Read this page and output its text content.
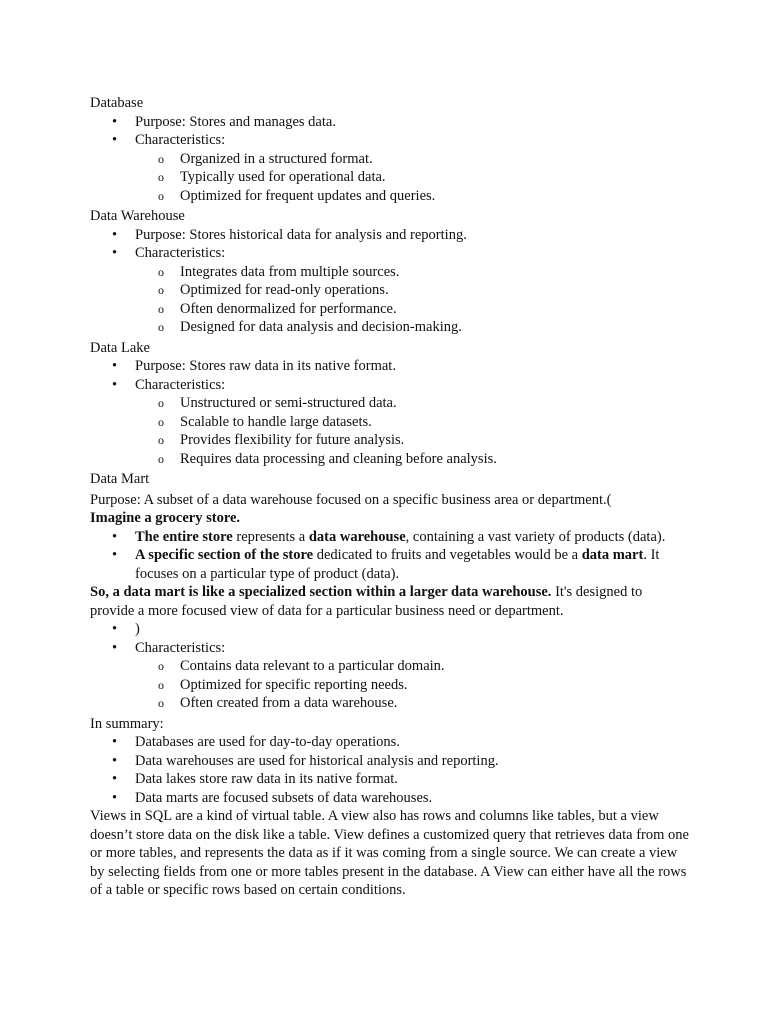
Database
• Purpose: Stores and manages data.
• Characteristics:
o Organized in a structured format.
o Typically used for operational data.
o Optimized for frequent updates and queries.
Data Warehouse
• Purpose: Stores historical data for analysis and reporting.
• Characteristics:
o Integrates data from multiple sources.
o Optimized for read-only operations.
o Often denormalized for performance.
o Designed for data analysis and decision-making.
Data Lake
• Purpose: Stores raw data in its native format.
• Characteristics:
o Unstructured or semi-structured data.
o Scalable to handle large datasets.
o Provides flexibility for future analysis.
o Requires data processing and cleaning before analysis.
Data Mart
Purpose: A subset of a data warehouse focused on a specific business area or department.(
Imagine a grocery store.
• The entire store represents a data warehouse, containing a vast variety of products (data).
• A specific section of the store dedicated to fruits and vegetables would be a data mart. It focuses on a particular type of product (data).
So, a data mart is like a specialized section within a larger data warehouse. It's designed to provide a more focused view of data for a particular business need or department.
• )
• Characteristics:
o Contains data relevant to a particular domain.
o Optimized for specific reporting needs.
o Often created from a data warehouse.
In summary:
• Databases are used for day-to-day operations.
• Data warehouses are used for historical analysis and reporting.
• Data lakes store raw data in its native format.
• Data marts are focused subsets of data warehouses.
Views in SQL are a kind of virtual table. A view also has rows and columns like tables, but a view doesn’t store data on the disk like a table. View defines a customized query that retrieves data from one or more tables, and represents the data as if it was coming from a single source. We can create a view by selecting fields from one or more tables present in the database. A View can either have all the rows of a table or specific rows based on certain conditions.
